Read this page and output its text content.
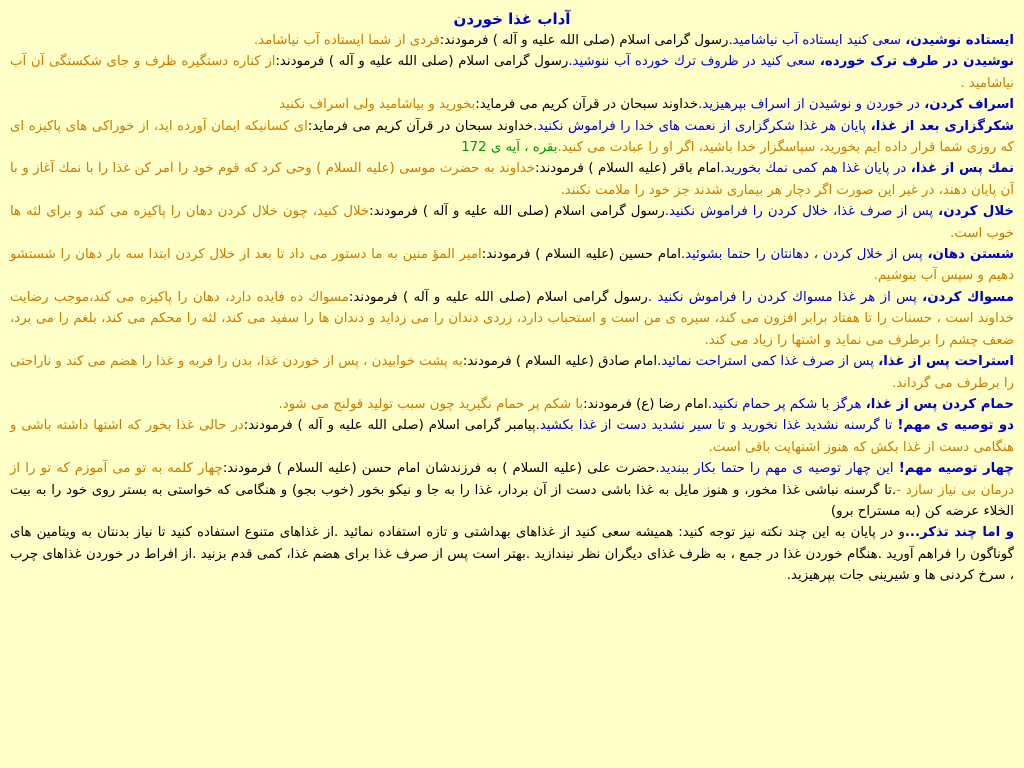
آداب غذا خوردن

ایستاده نوشیدن، سعی کنید ایستاده آب نیاشامید.رسول گرامی اسلام (صلی الله علیه و آله ) فرمودند:فردی از شما ایستاده آب نیاشامد.

نوشیدن در طرف ترک خورده، سعی کنید در ظروف ترك خورده آب ننوشید.رسول گرامی اسلام (صلی الله علیه و آله ) فرمودند:از کناره دستگیره ظرف و جای شکستگی آن آب نیاشامید .

اسراف کردن، در خوردن و نوشیدن از اسراف بپرهیزید.خداوند سبحان در قرآن کریم می فرماید:بخورید و بیاشامید ولی اسراف نکنید

شکرگزاری بعد از غذا، پایان هر غذا شکرگزاری از نعمت های خدا را فراموش نکنید.خداوند سبحان در قرآن کریم می فرماید:ای کسانیکه ایمان آورده اید، از خوراکی های پاکیزه ای که روزی شما قرار داده ایم بخورید، سپاسگزار خدا باشید، اگر او را عبادت می کنید.بقره ، آیه ی 172

نمك پس از غذا، در پایان غذا هم کمی نمك بخورید.امام باقر (علیه السلام ) فرمودند:خداوند به حضرت موسی (علیه السلام ) وحی کرد که قوم خود را امر کن غذا را با نمك آغاز و با آن پایان دهند، در غیر این صورت اگر دچار هر بیماری شدند جز خود را ملامت نکنند.

خلال کردن، پس از صرف غذا، خلال کردن را فراموش نکنید.رسول گرامی اسلام (صلی الله علیه و آله ) فرمودند:خلال کنید، چون خلال کردن دهان را پاکیزه می کند و برای لثه ها خوب است.

شستن دهان، پس از خلال کردن ، دهانتان را حتما بشوئید.امام حسین (علیه السلام ) فرمودند:امیر المؤ منین به ما دستور می داد تا بعد از خلال کردن ابتدا سه بار دهان را شستشو دهیم و سپس آب بنوشیم.

مسواك کردن، پس از هر غذا مسواك کردن را فراموش نکنید .رسول گرامی اسلام (صلی الله علیه و آله ) فرمودند:مسواك ده فایده دارد، دهان را پاکیزه می کند،موجب رضایت خداوند است ، حسنات را تا هفتاد برابر افزون می کند، سیره ی من است و استحباب دارد، زردی دندان را می زداید و دندان ها را سفید می کند، لثه را محکم می کند، بلغم را می برد، ضعف چشم را برطرف می نماید و اشتها را زیاد می کند.

استراحت پس از غذا، پس از صرف غذا کمی استراحت نمائید.امام صادق (علیه السلام ) فرمودند:به پشت خوابیدن ، پس از خوردن غذا، بدن را فربه و غذا را هضم می کند و ناراحتی را برطرف می گرداند.

حمام کردن پس از غذا، هرگز با شکم پر حمام نکنید.امام رضا (ع) فرمودند:با شکم پر حمام نگیرید چون سبب تولید قولنج می شود.

دو توصیه ی مهم! تا گرسنه نشدید غذا نخورید و تا سیر نشدید دست از غذا بکشید.پیامبر گرامی اسلام (صلی الله علیه و آله ) فرمودند:در حالی غذا بخور که اشتها داشته باشی و هنگامی دست از غذا بکش که هنوز اشتهایت باقی است.

چهار توصیه مهم! این چهار توصیه ی مهم را حتما بکار ببندید.حضرت علی (علیه السلام ) به فرزندشان امام حسن (علیه السلام ) فرمودند:چهار کلمه به تو می آموزم که تو را از درمان بی نیاز سازد -.تا گرسنه نباشی غذا مخور، و هنوز مایل به غذا باشی دست از آن بردار، غذا را به جا و نیکو بخور (خوب بجو) و هنگامی که خواستی به بستر روی خود را به بیت الخلاء عرضه کن (به مستراح برو)

و اما چند تذکر...و در پایان به این چند نکته نیز توجه کنید: همیشه سعی کنید از غذاهای بهداشتی و تازه استفاده نمائید .از غذاهای متنوع استفاده کنید تا نیاز بدنتان به ویتامین های گوناگون را فراهم آورید .هنگام خوردن غذا در جمع ، به ظرف غذای دیگران نظر نیندازید .بهتر است پس از صرف غذا برای هضم غذا، کمی قدم بزنید .از افراط در خوردن غذاهای چرب ، سرخ کردنی ها و شیرینی جات بپرهیزید.
